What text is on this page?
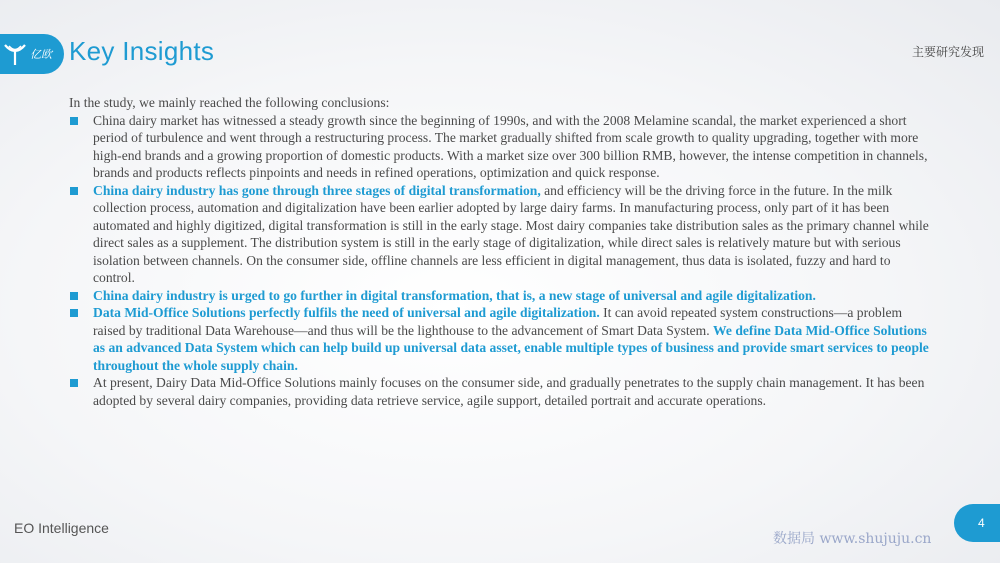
亿欧 Key Insights	主要研究发现

In the study, we mainly reached the following conclusions:

China dairy market has witnessed a steady growth since the beginning of 1990s, and with the 2008 Melamine scandal, the market experienced a short period of turbulence and went through a restructuring process. The market gradually shifted from scale growth to quality upgrading, together with more high-end brands and a growing proportion of domestic products. With a market size over 300 billion RMB, however, the intense competition in channels, brands and products reflects pinpoints and needs in refined operations, optimization and quick response.
China dairy industry has gone through three stages of digital transformation, and efficiency will be the driving force in the future. In the milk collection process, automation and digitalization have been earlier adopted by large dairy farms. In manufacturing process, only part of it has been automated and highly digitized, digital transformation is still in the early stage. Most dairy companies take distribution sales as the primary channel while direct sales as a supplement. The distribution system is still in the early stage of digitalization, while direct sales is relatively mature but with serious isolation between channels. On the consumer side, offline channels are less efficient in digital management, thus data is isolated, fuzzy and hard to control.
China dairy industry is urged to go further in digital transformation, that is, a new stage of universal and agile digitalization.
Data Mid-Office Solutions perfectly fulfils the need of universal and agile digitalization. It can avoid repeated system constructions—a problem raised by traditional Data Warehouse—and thus will be the lighthouse to the advancement of Smart Data System. We define Data Mid-Office Solutions as an advanced Data System which can help build up universal data asset, enable multiple types of business and provide smart services to people throughout the whole supply chain.
At present, Dairy Data Mid-Office Solutions mainly focuses on the consumer side, and gradually penetrates to the supply chain management. It has been adopted by several dairy companies, providing data retrieve service, agile support, detailed portrait and accurate operations.
EO Intelligence
数据局 www.shujuju.cn
4
